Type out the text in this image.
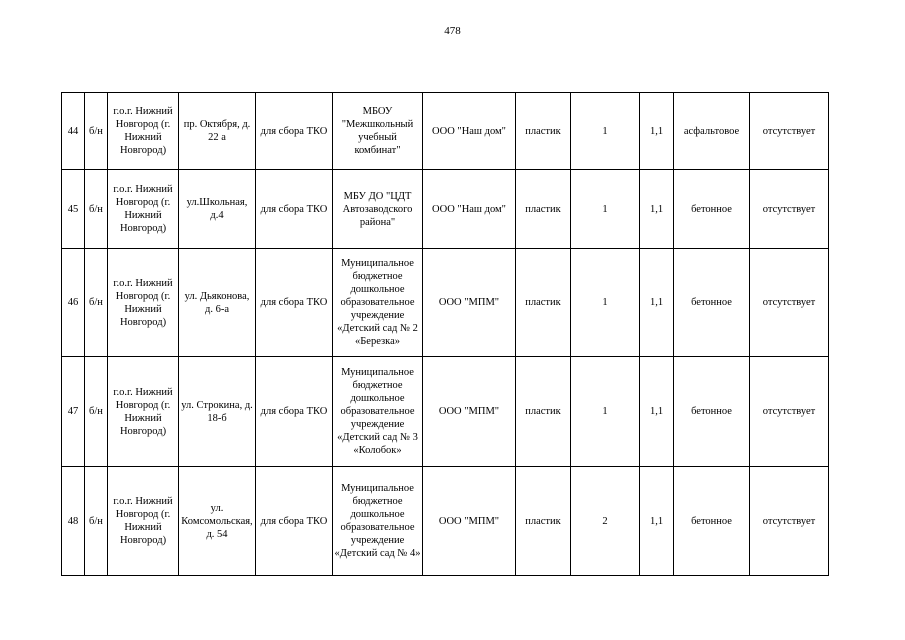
478
44	б/н	г.о.г. Нижний Новгород (г. Нижний Новгород)	пр. Октября, д. 22 а	для сбора ТКО	МБОУ "Межшкольный учебный комбинат"	ООО "Наш дом"	пластик	1	1,1	асфальтовое	отсутствует
45	б/н	г.о.г. Нижний Новгород (г. Нижний Новгород)	ул.Школьная, д.4	для сбора ТКО	МБУ ДО "ЦДТ Автозаводского района"	ООО "Наш дом"	пластик	1	1,1	бетонное	отсутствует
46	б/н	г.о.г. Нижний Новгород (г. Нижний Новгород)	ул. Дьяконова, д. 6-а	для сбора ТКО	Муниципальное бюджетное дошкольное образовательное учреждение «Детский сад № 2 «Березка»	ООО "МПМ"	пластик	1	1,1	бетонное	отсутствует
47	б/н	г.о.г. Нижний Новгород (г. Нижний Новгород)	ул. Строкина, д. 18-б	для сбора ТКО	Муниципальное бюджетное дошкольное образовательное учреждение «Детский сад № 3 «Колобок»	ООО "МПМ"	пластик	1	1,1	бетонное	отсутствует
48	б/н	г.о.г. Нижний Новгород (г. Нижний Новгород)	ул. Комсомольская, д. 54	для сбора ТКО	Муниципальное бюджетное дошкольное образовательное учреждение «Детский сад № 4»	ООО "МПМ"	пластик	2	1,1	бетонное	отсутствует
